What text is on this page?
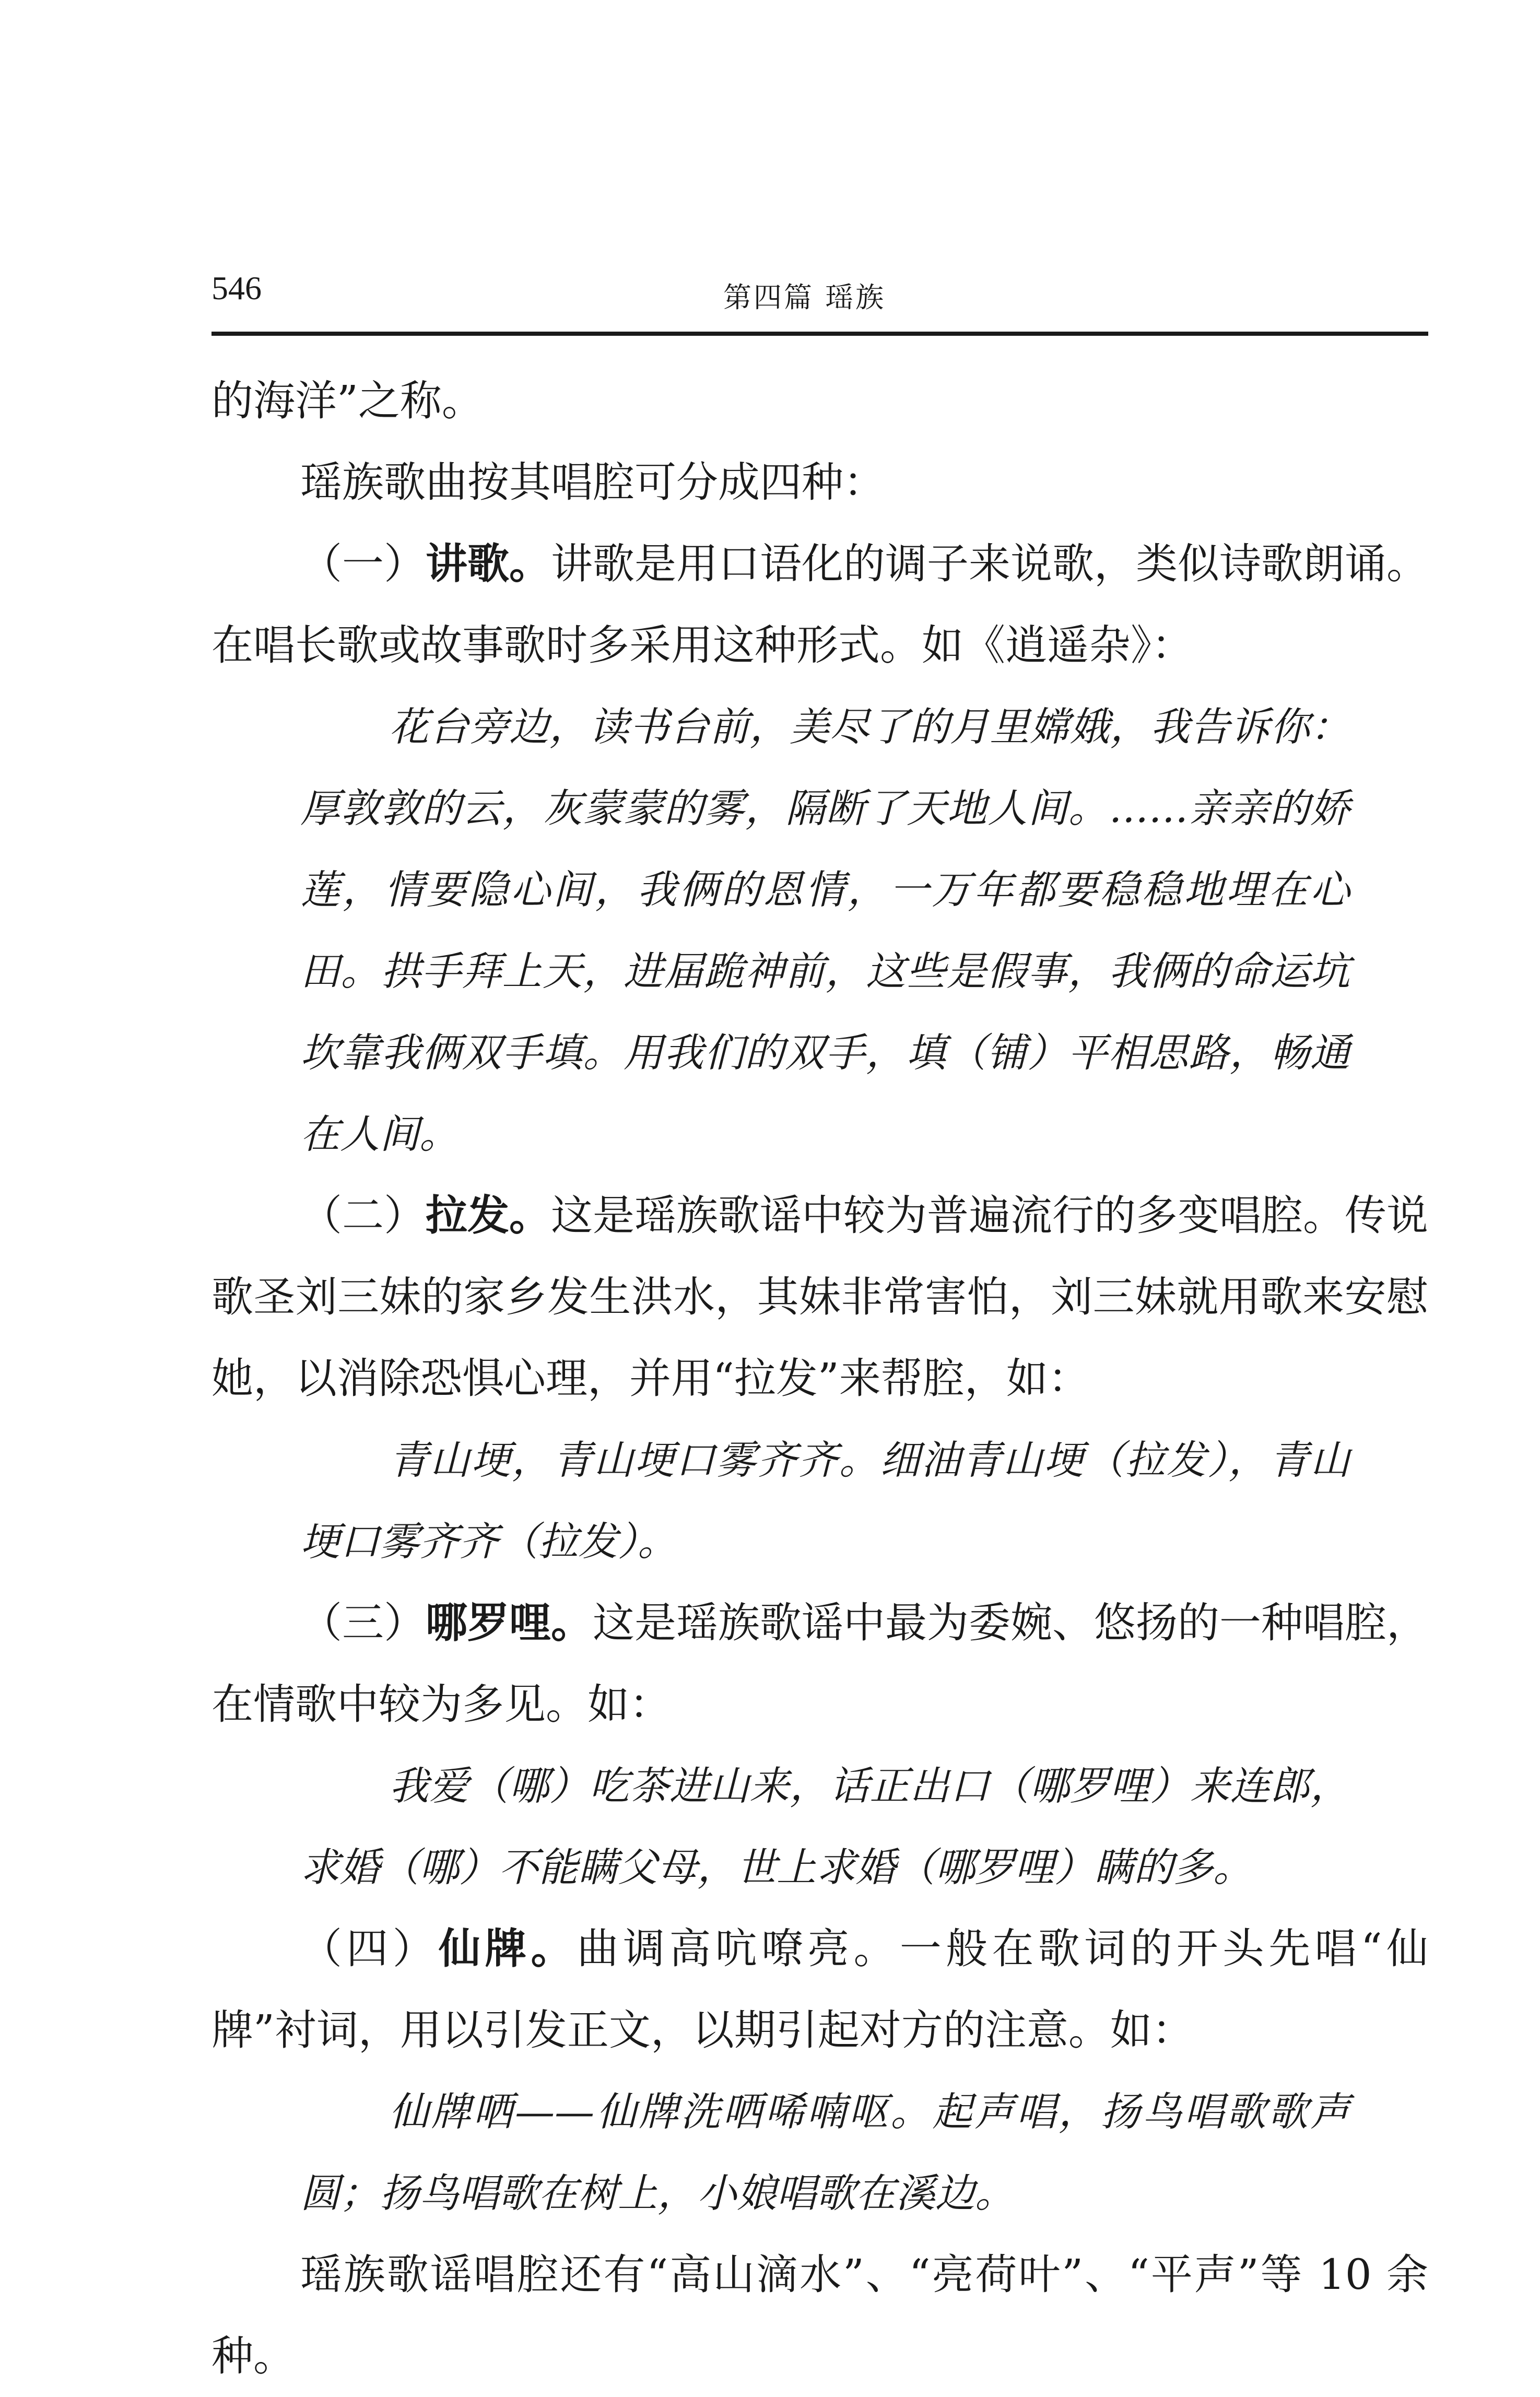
546	第四篇 瑶族

的海洋”之称。

瑶族歌曲按其唱腔可分成四种：

（一）讲歌。讲歌是用口语化的调子来说歌，类似诗歌朗诵。在唱长歌或故事歌时多采用这种形式。如《逍遥杂》：

花台旁边，读书台前，美尽了的月里嫦娥，我告诉你：厚敦敦的云，灰蒙蒙的雾，隔断了天地人间。……亲亲的娇莲，情要隐心间，我俩的恩情，一万年都要稳稳地埋在心田。拱手拜上天，进届跪神前，这些是假事，我俩的命运坑坎靠我俩双手填。用我们的双手，填（铺）平相思路，畅通在人间。

（二）拉发。这是瑶族歌谣中较为普遍流行的多变唱腔。传说歌圣刘三妹的家乡发生洪水，其妹非常害怕，刘三妹就用歌来安慰她，以消除恐惧心理，并用“拉发”来帮腔，如：

青山埂，青山埂口雾齐齐。细油青山埂（拉发），青山埂口雾齐齐（拉发）。

（三）哪罗哩。这是瑶族歌谣中最为委婉、悠扬的一种唱腔，在情歌中较为多见。如：

我爱（哪）吃茶进山来，话正出口（哪罗哩）来连郎，求婚（哪）不能瞒父母，世上求婚（哪罗哩）瞒的多。

（四）仙牌。曲调高吭嘹亮。一般在歌词的开头先唱“仙牌”衬词，用以引发正文，以期引起对方的注意。如：

仙牌哂——仙牌洗哂唏喃呕。起声唱，扬鸟唱歌歌声圆；扬鸟唱歌在树上，小娘唱歌在溪边。

瑶族歌谣唱腔还有“高山滴水”、“亮荷叶”、“平声”等 10 余种。
